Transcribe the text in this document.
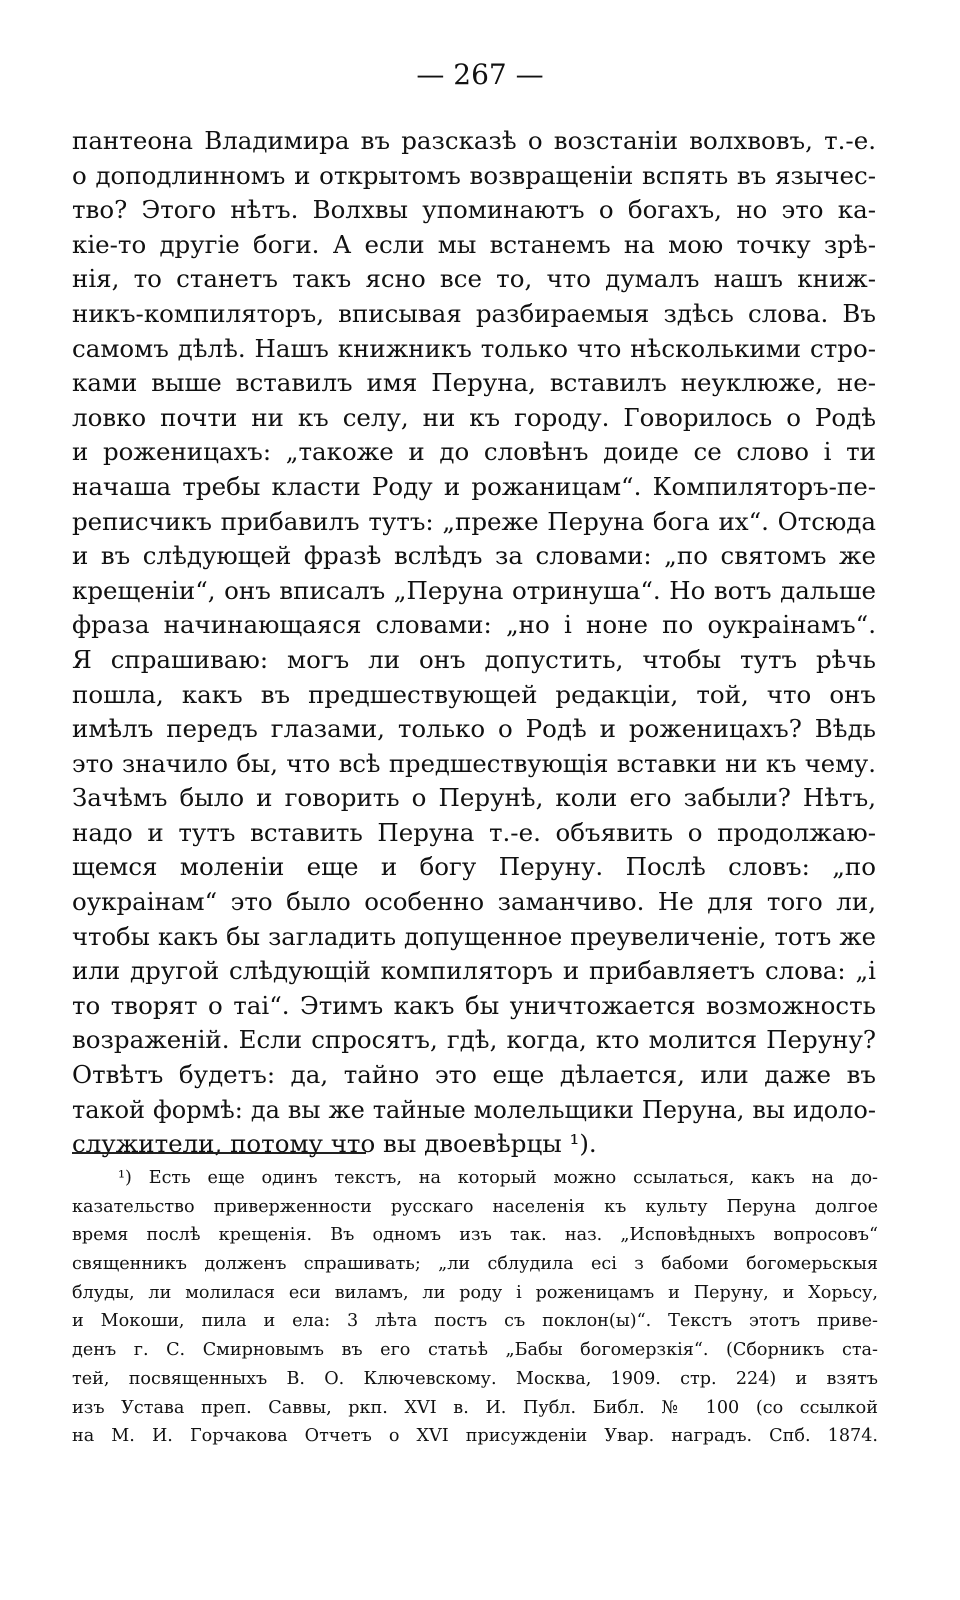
— 267 —
пантеона Владимира въ разсказѣ о возстанiи волхвовъ, т.-е.
о доподлинномъ и открытомъ возвращенiи вспять въ язычес-
тво? Этого нѣтъ. Волхвы упоминаютъ о богахъ, но это ка-
кiе-то другiе боги. А если мы встанемъ на мою точку зрѣ-
нiя, то станетъ такъ ясно все то, что думалъ нашъ книж-
никъ-компиляторъ, вписывая разбираемыя здѣсь слова. Въ
самомъ дѣлѣ. Нашъ книжникъ только что нѣсколькими стро-
ками выше вставилъ имя Перуна, вставилъ неуклюже, не-
ловко почти ни къ селу, ни къ городу. Говорилось о Родѣ
и роженицахъ: „такоже и до словѣнъ доиде се слово i ти
начаша требы класти Роду и рожаницам“. Компиляторъ-пе-
реписчикъ прибавилъ тутъ: „преже Перуна бога их“. Отсюда
и въ слѣдующей фразѣ вслѣдъ за словами: „по святомъ же
крещенiи“, онъ вписалъ „Перуна отринуша“. Но вотъ дальше
фраза начинающаяся словами: „но i нонe по оукраiнамъ“.
Я спрашиваю: могъ ли онъ допустить, чтобы тутъ рѣчь
пошла, какъ въ предшествующей редакцiи, той, что онъ
имѣлъ передъ глазами, только о Родѣ и роженицахъ? Вѣдь
это значило бы, что всѣ предшествующiя вставки ни къ чему.
Зачѣмъ было и говорить о Перунѣ, коли его забыли? Нѣтъ,
надо и тутъ вставить Перуна т.-е. объявить о продолжаю-
щемся моленiи еще и богу Перуну. Послѣ словъ: „по
оукраiнам“ это было особенно заманчиво. Не для того ли,
чтобы какъ бы загладить допущенное преувеличенiе, тотъ же
или другой слѣдующiй компиляторъ и прибавляетъ слова: „i
то творят о таi“. Этимъ какъ бы уничтожается возможность
возраженiй. Если спросятъ, гдѣ, когда, кто молится Перуну?
Отвѣтъ будетъ: да, тайно это еще дѣлается, или даже въ
такой формѣ: да вы же тайные молельщики Перуна, вы идоло-
служители, потому что вы двоевѣрцы ¹).
¹) Есть еще одинъ текстъ, на который можно ссылаться, какъ на до-
казательство приверженности русскаго населенiя къ культу Перуна долгое
время послѣ крещенiя. Въ одномъ изъ так. наз. „Исповѣдныхъ вопросовъ“
священникъ долженъ спрашивать; „ли сблудила есi з бабоми богомерьскыя
блуды, ли молилася еси виламъ, ли роду i роженицамъ и Перуну, и Хорьсу,
и Мокоши, пила и ела: 3 лѣта постъ съ поклон(ы)“. Текстъ этотъ приве-
денъ г. С. Смирновымъ въ его статьѣ „Бабы богомерзкiя“. (Сборникъ ста-
тей, посвященныхъ В. О. Ключевскому. Москва, 1909. стр. 224) и взятъ
изъ Устава преп. Саввы, ркп. XVI в. И. Публ. Библ. № 100 (со ссылкой
на М. И. Горчакова Отчетъ о XVI присужденiи Увар. наградъ. Спб. 1874.
